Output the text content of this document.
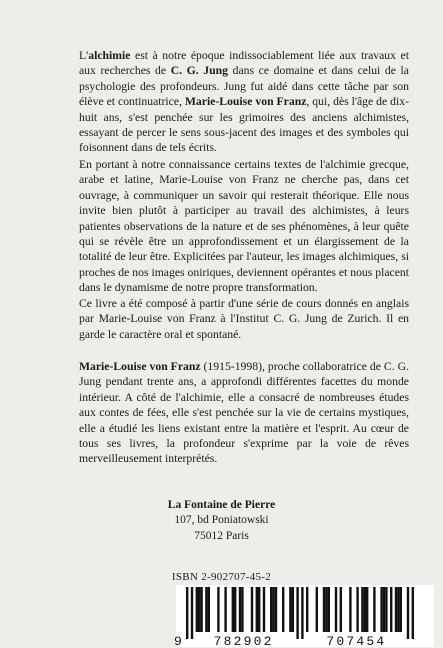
L'alchimie est à notre époque indissociablement liée aux travaux et aux recherches de C. G. Jung dans ce domaine et dans celui de la psychologie des profondeurs. Jung fut aidé dans cette tâche par son élève et continuatrice, Marie-Louise von Franz, qui, dès l'âge de dix-huit ans, s'est penchée sur les grimoires des anciens alchimistes, essayant de percer le sens sous-jacent des images et des symboles qui foisonnent dans de tels écrits.

En portant à notre connaissance certains textes de l'alchimie grecque, arabe et latine, Marie-Louise von Franz ne cherche pas, dans cet ouvrage, à communiquer un savoir qui resterait théorique. Elle nous invite bien plutôt à participer au travail des alchimistes, à leurs patientes observations de la nature et de ses phénomènes, à leur quête qui se révèle être un approfondissement et un élargissement de la totalité de leur être. Explicitées par l'auteur, les images alchimiques, si proches de nos images oniriques, deviennent opérantes et nous placent dans le dynamisme de notre propre transformation.

Ce livre a été composé à partir d'une série de cours donnés en anglais par Marie-Louise von Franz à l'Institut C. G. Jung de Zurich. Il en garde le caractère oral et spontané.

Marie-Louise von Franz (1915-1998), proche collaboratrice de C. G. Jung pendant trente ans, a approfondi différentes facettes du monde intérieur. A côté de l'alchimie, elle a consacré de nombreuses études aux contes de fées, elle s'est penchée sur la vie de certains mystiques, elle a étudié les liens existant entre la matière et l'esprit. Au cœur de tous ses livres, la profondeur s'exprime par la voie de rêves merveilleusement interprétés.

La Fontaine de Pierre
107, bd Poniatowski
75012 Paris
ISBN 2-902707-45-2
9 782902	707454
